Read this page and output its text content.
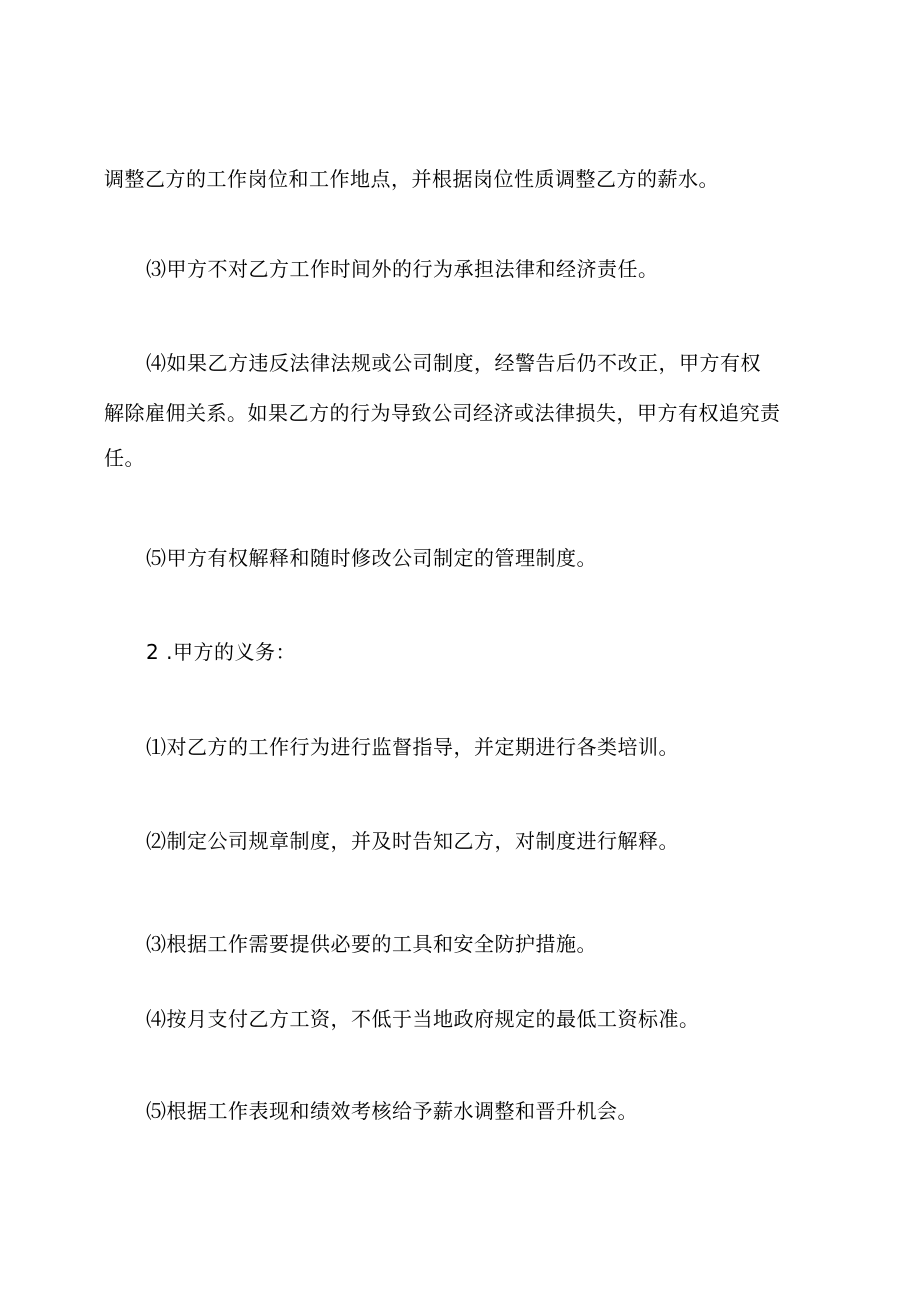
调整乙方的工作岗位和工作地点，并根据岗位性质调整乙方的薪水。
⑶甲方不对乙方工作时间外的行为承担法律和经济责任。
⑷如果乙方违反法律法规或公司制度，经警告后仍不改正，甲方有权
解除雇佣关系。如果乙方的行为导致公司经济或法律损失，甲方有权追究责
任。
⑸甲方有权解释和随时修改公司制定的管理制度。
2 .甲方的义务：
⑴对乙方的工作行为进行监督指导，并定期进行各类培训。
⑵制定公司规章制度，并及时告知乙方，对制度进行解释。
⑶根据工作需要提供必要的工具和安全防护措施。
⑷按月支付乙方工资，不低于当地政府规定的最低工资标准。
⑸根据工作表现和绩效考核给予薪水调整和晋升机会。
